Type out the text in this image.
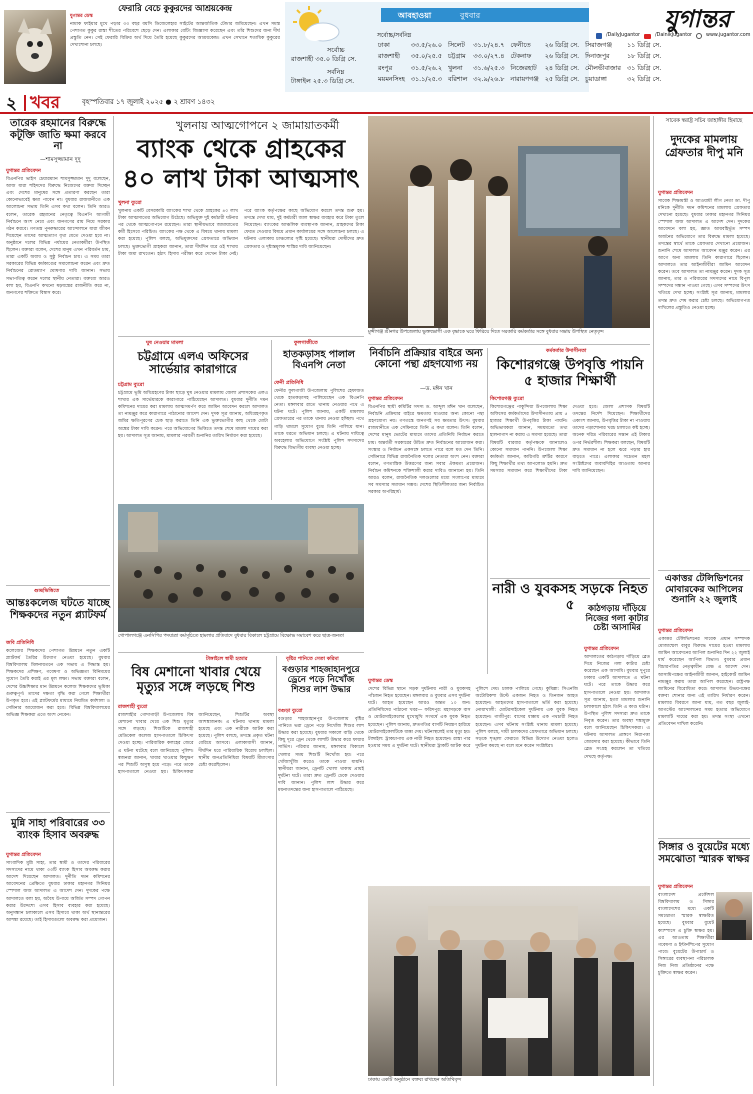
ফেরারি বেচে কুকুরদের আশ্রয়কেন্দ্র
যুগান্তর ডেস্ক
নামাক ফাইয়ার মুখে পড়ার ৩৩ বছর বয়সি ডিজেলেহার সাইটের আন্তর্জাতিক টেন্ডার জমিয়েছেন। এখন সমস্ত পেশাগত কুকুর রাস্তা শীতের পরিবেশে ছেড়ে দেন। এলাকার বেটিং জিজ্ঞাসা করেছেন এবং তাঁর শিশুদের জন্য দীর্ঘ প্রস্তুতি নেন। সেই ফেরারি বিক্রির অর্থ দিয়ে তৈরি হয়েছে কুকুরদের আশ্রয়কেন্দ্র। এখন সেখানে শতাধিক কুকুরের দেখাশোনা চলছে।
আবহাওয়া	বুধবার
সর্বোচ্চ
রাজশাহী ৩৫.০ ডিগ্রি সে.
সর্বনিম্ন
টাঙ্গাইল ২৫.৩ ডিগ্রি সে.
সর্বোচ্চ/সর্বনিম্ন
ঢাকা	৩৩.৫/২৬.০	সিলেট	৩১.৮/২৪.৭	ফেনীতে	২৬ ডিগ্রি সে.	সিরাজগঞ্জ	১১ ডিগ্রি সে.
রাজশাহী	৩৫.০/২৫.৫	চট্টগ্রাম	৩৩.০/২৭.৪	টেকনাফ	২৬ ডিগ্রি সে.	দিনাজপুর	১৮ ডিগ্রি সে.
রংপুর	৩১.৫/২৬.২	খুলনা	৩১.৬/২৫.৩	নিজেরহাট	২৪ ডিগ্রি সে.	মৌলভীবাজার	৩১ ডিগ্রি সে.
ময়মনসিংহ	৩১.১/২৫.৩	বরিশাল	৩২.৯/২৬.৮	নারায়ণগঞ্জ	২৫ ডিগ্রি সে.	চুয়াডাঙ্গা	৩২ ডিগ্রি সে.
যুগান্তর
/DailyJugantor	/DainikJugantor	www.jugantor.com
২ খবর	বৃহস্পতিবার ১৭ জুলাই ২০২৫ ● ২ শ্রাবণ ১৪৩২
তারেক রহমানের বিরুদ্ধে কটূক্তি জাতি ক্ষমা করবে না
—শামসুজ্জামান দুদু
যুগান্তর প্রতিবেদন
বিএনপির ভাইস চেয়ারম্যান শামসুজ্জামান দুদু বলেছেন, আজ যারা শহিদদের বিরুদ্ধে নিজেদের বক্তব্য দিচ্ছেন এবং দেশের মানুষের সঙ্গে প্রতারণা করছেন তারা কোনোভাবেই ক্ষমা পাবেন না। বুধবার রাজধানীতে এক আলোচনা সভায় তিনি এসব কথা বলেন। তিনি আরও বলেন, তারেক রহমানের নেতৃত্বে বিএনপি আগামী নির্বাচনে অংশ নেবে এবং জনগণের রায় নিয়ে সরকার গঠন করবে। গণতন্ত্র পুনরুদ্ধারের আন্দোলনে যারা জীবন দিয়েছেন তাদের আত্মত্যাগ বৃথা যেতে দেওয়া হবে না। অনুষ্ঠানে দলের বিভিন্ন পর্যায়ের নেতাকর্মীরা উপস্থিত ছিলেন। বক্তারা বলেন, দেশের মানুষ এখন পরিবর্তন চায়, তারা একটি অবাধ ও সুষ্ঠু নির্বাচন চায়। এ সময় তারা সরকারের বিভিন্ন কর্মকাণ্ডের সমালোচনা করেন এবং দ্রুত নির্বাচনের রোডম্যাপ ঘোষণার দাবি জানান। সভায় সভাপতিত্ব করেন দলের স্থানীয় নেতারা। বক্তব্যে আরও বলা হয়, বিএনপি কখনো ষড়যন্ত্রের রাজনীতি করে না, জনগণের শক্তিতে বিশ্বাস করে।
গুচ্ছভিত্তিতে
আন্তঃকলেজ ঘটতে যাচ্ছে শিক্ষকদের নতুন প্ল্যাটফর্ম
জবি প্রতিনিধি
কলেজের শিক্ষকদের পেশাগত উন্নয়নে নতুন একটি প্ল্যাটফর্ম তৈরির উদ্যোগ নেওয়া হয়েছে। বুধবার বিশ্ববিদ্যালয় মিলনায়তনে এক সভায় এ সিদ্ধান্ত হয়। শিক্ষকদের প্রশিক্ষণ, গবেষণা ও অভিজ্ঞতা বিনিময়ের সুযোগ তৈরি করাই এর মূল লক্ষ্য। সভায় বক্তারা বলেন, দেশের উচ্চশিক্ষার মান উন্নয়নে কলেজ শিক্ষকদের ভূমিকা গুরুত্বপূর্ণ। তাদের দক্ষতা বৃদ্ধি করা গেলে শিক্ষার্থীরা উপকৃত হবে। এই প্ল্যাটফর্মের মাধ্যমে নিয়মিত কর্মশালা ও সেমিনার আয়োজন করা হবে। বিভিন্ন বিশ্ববিদ্যালয়ের অভিজ্ঞ শিক্ষকরা এতে অংশ নেবেন।
মুন্নি সাহা পরিবারের ৩৩ ব্যাংক হিসাব অবরুদ্ধ
যুগান্তর প্রতিবেদন
সাংবাদিক মুন্নি সাহা, তার স্বামী ও তাদের পরিবারের সদস্যদের নামে থাকা ৩৩টি ব্যাংক হিসাব অবরুদ্ধ করার আদেশ দিয়েছেন আদালত। দুর্নীতি দমন কমিশনের আবেদনের প্রেক্ষিতে বুধবার ঢাকার মহানগর সিনিয়র স্পেশাল জজ আদালত এ আদেশ দেন। দুদকের পক্ষে আদালতে বলা হয়, অবৈধ উপায়ে অর্জিত সম্পদ গোপন করার উদ্দেশ্যে এসব হিসাব ব্যবহার করা হয়েছে। অনুসন্ধান চলাকালে এসব হিসাবে থাকা অর্থ স্থানান্তরের আশঙ্কা রয়েছে। তাই হিসাবগুলো অবরুদ্ধ করা প্রয়োজন।
খুলনায় আত্মগোপনে ২ জামায়াতকর্মী
ব্যাংক থেকে গ্রাহকের ৪০ লাখ টাকা আত্মসাৎ
খুলনা ব্যুরো
খুলনায় একটি বেসরকারি ব্যাংকের শাখা থেকে গ্রাহকের ৪০ লাখ টাকা আত্মসাতের অভিযোগ উঠেছে। অভিযুক্ত দুই কর্মচারী ঘটনার পর থেকে আত্মগোপনে রয়েছেন। তারা স্থানীয়ভাবে জামায়াতের কর্মী হিসেবে পরিচিত। ব্যাংকের পক্ষ থেকে এ বিষয়ে থানায় মামলা করা হয়েছে। পুলিশ বলছে, অভিযুক্তদের গ্রেফতারে অভিযান চলছে। ভুক্তভোগী গ্রাহকরা জানান, তারা দীর্ঘদিন ধরে ওই শাখায় টাকা জমা রাখতেন। হঠাৎ হিসাব পরীক্ষা করে দেখেন টাকা নেই। পরে ব্যাংক কর্তৃপক্ষের কাছে অভিযোগ করলে তদন্ত শুরু হয়। তদন্তে দেখা যায়, দুই কর্মচারী জাল স্বাক্ষর ব্যবহার করে টাকা তুলে নিয়েছেন। ব্যাংকের আঞ্চলিক ব্যবস্থাপক জানান, গ্রাহকদের টাকা ফেরত দেওয়ার বিষয়ে প্রধান কার্যালয়ের সঙ্গে আলোচনা চলছে। এ ঘটনায় এলাকায় চাঞ্চল্যের সৃষ্টি হয়েছে। স্থানীয়রা দোষীদের দ্রুত গ্রেফতার ও দৃষ্টান্তমূলক শাস্তির দাবি জানিয়েছেন।
ঘুষ নেওয়ার মামলা
চট্টগ্রামে এলএ অফিসের সার্ভেয়ার কারাগারে
চট্টগ্রাম ব্যুরো
চট্টগ্রামে ভূমি অধিগ্রহণের টাকা ছাড়ে ঘুষ নেওয়ার মামলায় জেলা প্রশাসকের এলএ শাখার এক সার্ভেয়ারকে কারাগারে পাঠিয়েছেন আদালত। বুধবার দুর্নীতি দমন কমিশনের দায়ের করা মামলায় আত্মসমর্পণ করে জামিন আবেদন করলে আদালত তা নামঞ্জুর করে কারাগারে পাঠানোর আদেশ দেন। দুদক সূত্র জানায়, অধিগ্রহণকৃত জমির ক্ষতিপূরণের চেক ছাড় করাতে তিনি এক ভুক্তভোগীর কাছ থেকে মোটা অঙ্কের টাকা দাবি করেন। পরে অভিযোগের ভিত্তিতে তদন্ত শেষে মামলা দায়ের করা হয়। আদালত সূত্র জানায়, মামলার পরবর্তী শুনানির তারিখ নির্ধারণ করা হয়েছে।
ফুলগাজীতে
হাতকড়াসহ পালাল বিএনপি নেতা
ফেনী প্রতিনিধি
ফেনীর ফুলগাজী উপজেলায় পুলিশের হেফাজত থেকে হাতকড়াসহ পালিয়েছেন এক বিএনপি নেতা। মঙ্গলবার রাতে থানায় নেওয়ার পথে এ ঘটনা ঘটে। পুলিশ জানায়, একটি মামলায় গ্রেফতারের পর তাকে থানায় নেওয়া হচ্ছিল। পথে গাড়ি থামলে সুযোগ বুঝে তিনি পালিয়ে যান। তাকে ধরতে অভিযান চলছে। এ ঘটনায় দায়িত্বে অবহেলার অভিযোগে সংশ্লিষ্ট পুলিশ সদস্যদের বিরুদ্ধে বিভাগীয় ব্যবস্থা নেওয়া হচ্ছে।
গোপালগঞ্জে এনসিপির পদযাত্রা কর্মসূচিতে হামলার প্রতিবাদে বুধবার বিকালে চট্টগ্রামে বিক্ষোভ সমাবেশ করে ছাত্র-জনতা
টাঙ্গাইলে স্বামী হত্যার
বিষ মেশানো খাবার খেয়ে মৃত্যুর সঙ্গে লড়ছে শিশু
রাজশাহী ব্যুরো
রাজশাহীর গোদাগাড়ী উপজেলায় বিষ মেশানো খাবার খেয়ে এক শিশু মৃত্যুর সঙ্গে লড়ছে। শিশুটিকে রাজশাহী মেডিকেল কলেজ হাসপাতালে চিকিৎসা দেওয়া হচ্ছে। পারিবারিক কলহের জেরে এ ঘটনা ঘটেছে বলে জানিয়েছে পুলিশ। স্বজনরা জানান, খাবার খাওয়ার কিছুক্ষণ পর শিশুটি অসুস্থ হয়ে পড়ে। পরে তাকে হাসপাতালে নেওয়া হয়। চিকিৎসকরা জানিয়েছেন, শিশুটির অবস্থা আশঙ্কাজনক। এ ঘটনায় থানায় মামলা হয়েছে এবং এক নারীকে আটক করা হয়েছে। পুলিশ বলছে, তদন্তে প্রকৃত ঘটনা বেরিয়ে আসবে। এলাকাবাসী জানান, দীর্ঘদিন ধরে পারিবারিক বিরোধ চলছিল। স্থানীয় জনপ্রতিনিধিরা বিষয়টি মীমাংসার চেষ্টা করেছিলেন।
বৃষ্টির পানিতে সেতা করিমা
বগুড়ার শাহজাহানপুরে ড্রেনে পড়ে নিখোঁজ শিশুর লাশ উদ্ধার
বগুড়া ব্যুরো
বগুড়ার শাহজাহানপুর উপজেলায় বৃষ্টির পানিতে ভরা ড্রেনে পড়ে নিখোঁজ শিশুর লাশ উদ্ধার করা হয়েছে। বুধবার সকালে বাড়ি থেকে কিছু দূরে ড্রেন থেকে লাশটি উদ্ধার করে ফায়ার সার্ভিস। পরিবার জানায়, মঙ্গলবার বিকালে খেলার সময় শিশুটি নিখোঁজ হয়। পরে খোঁজাখুঁজি করেও তাকে পাওয়া যায়নি। স্থানীয়রা জানান, ড্রেনটি খোলা থাকায় প্রায়ই দুর্ঘটনা ঘটে। তারা দ্রুত ড্রেনটি ঢেকে দেওয়ার দাবি জানান। পুলিশ লাশ উদ্ধার করে ময়নাতদন্তের জন্য হাসপাতালে পাঠিয়েছে।
মুন্সীগঞ্জ শ্রীনগর উপজেলায় ভুক্তভোগী এক বৃদ্ধাকে ঘরে ফিরিয়ে দিতে সরকারি কর্মকর্তার সঙ্গে বুধবার সভায় উপস্থিত নেতৃবৃন্দ
নির্বাচনি প্রক্রিয়ার বাইরে অন্য কোনো পন্থা গ্রহণযোগ্য নয়
—ড. মঈন খান
যুগান্তর প্রতিবেদন
বিএনপির স্থায়ী কমিটির সদস্য ড. আব্দুল মঈন খান বলেছেন, নির্বাচনি প্রক্রিয়ার বাইরে ক্ষমতায় যাওয়ার অন্য কোনো পন্থা গ্রহণযোগ্য নয়। গণতন্ত্রে জনগণই সব ক্ষমতার উৎস। বুধবার রাজধানীতে এক সেমিনারে তিনি এ কথা বলেন। তিনি বলেন, দেশের মানুষ ভোটের মাধ্যমে তাদের প্রতিনিধি নির্বাচন করতে চায়। অন্তর্বর্তী সরকারের উচিত দ্রুত নির্বাচনের আয়োজন করা। সংস্কার ও নির্বাচন একসঙ্গে চলতে পারে বলে মত দেন তিনি। সেমিনারে বিভিন্ন রাজনৈতিক দলের নেতারা অংশ নেন। বক্তারা বলেন, গণতান্ত্রিক উত্তরণের জন্য সবার ঐকমত্য প্রয়োজন। নির্বাচন কমিশনকে শক্তিশালী করার দাবিও জানানো হয়। তিনি আরও বলেন, রাজনৈতিক দলগুলোর মধ্যে সংলাপের মাধ্যমে সব সমস্যার সমাধান সম্ভব। দেশের স্থিতিশীলতার জন্য নির্বাচিত সরকার অপরিহার্য।
কর্মকর্তার উদাসীনতা
কিশোরগঞ্জে উপবৃত্তি পায়নি ৫ হাজার শিক্ষার্থী
কিশোরগঞ্জ ব্যুরো
কিশোরগঞ্জের পাকুন্দিয়া উপজেলায় শিক্ষা অফিসের কর্মকর্তাদের উদাসীনতায় প্রায় ৫ হাজার শিক্ষার্থী উপবৃত্তির টাকা পায়নি। অভিভাবকরা জানান, সময়মতো তথ্য হালনাগাদ না করায় এ সমস্যা হয়েছে। তারা বিষয়টি বারবার কর্তৃপক্ষকে জানালেও কোনো সমাধান পাননি। উপজেলা শিক্ষা কর্মকর্তা জানান, কারিগরি ত্রুটির কারণে কিছু শিক্ষার্থীর তথ্য আপলোড হয়নি। দ্রুত সমস্যার সমাধান করে শিক্ষার্থীদের টাকা দেওয়া হবে। জেলা প্রশাসক বিষয়টি তদন্তের নির্দেশ দিয়েছেন। শিক্ষার্থীদের একাংশ জানায়, উপবৃত্তির টাকা না পাওয়ায় তাদের পড়াশোনার খরচ চালাতে কষ্ট হচ্ছে। অনেক দরিদ্র পরিবারের সন্তান এই টাকার ওপর নির্ভরশীল। শিক্ষকরা বলছেন, বিষয়টি দ্রুত সমাধান না হলে ঝরে পড়ার হার বাড়তে পারে। এলাকার সচেতন মহল সংশ্লিষ্টদের জবাবদিহির আওতায় আনার দাবি জানিয়েছেন।
নারী ও যুবকসহ সড়কে নিহত ৫
যুগান্তর ডেস্ক
দেশের বিভিন্ন স্থানে সড়ক দুর্ঘটনায় নারী ও যুবকসহ পাঁচজন নিহত হয়েছেন। মঙ্গলবার ও বুধবার এসব দুর্ঘটনা ঘটে। আহত হয়েছেন আরও অন্তত ১০ জন। প্রতিনিধিদের পাঠানো খবর— ফরিদপুর: মহাসড়কে বাস ও মোটরসাইকেলের মুখোমুখি সংঘর্ষে এক যুবক নিহত হয়েছেন। পুলিশ জানায়, দ্রুতগতির বাসটি নিয়ন্ত্রণ হারিয়ে মোটরসাইকেলটিকে ধাক্কা দেয়। ঘটনাস্থলেই তার মৃত্যু হয়। টাঙ্গাইল: ট্রাকচাপায় এক নারী নিহত হয়েছেন। রাস্তা পার হওয়ার সময় এ দুর্ঘটনা ঘটে। স্থানীয়রা ট্রাকটি আটক করে পুলিশে দেয়। চালক পালিয়ে গেছে। কুমিল্লা: সিএনজি অটোরিকশা উল্টে একজন নিহত ও তিনজন আহত হয়েছেন। আহতদের হাসপাতালে ভর্তি করা হয়েছে। নোয়াখালী: মোটরসাইকেল দুর্ঘটনায় এক যুবক নিহত হয়েছেন। গাজীপুর: বাসের ধাক্কায় এক পথচারী নিহত হয়েছেন। এসব ঘটনায় সংশ্লিষ্ট থানায় মামলা হয়েছে। পুলিশ বলছে, দায়ী চালকদের গ্রেফতারে অভিযান চলছে। সড়কে শৃঙ্খলা ফেরাতে বিভিন্ন উদ্যোগ নেওয়া হলেও দুর্ঘটনা কমছে না বলে মনে করেন সংশ্লিষ্টরা।
কাঠগড়ায় দাঁড়িয়ে নিজের গলা কাটার চেষ্টা আসামির
যুগান্তর প্রতিবেদন
আদালতের কাঠগড়ায় দাঁড়িয়ে ব্লেড দিয়ে নিজের গলা কাটার চেষ্টা করেছেন এক আসামি। বুধবার দুপুরে ঢাকার একটি আদালতে এ ঘটনা ঘটে। পরে তাকে উদ্ধার করে হাসপাতালে নেওয়া হয়। আদালত সূত্র জানায়, হত্যা মামলার শুনানি চলাকালে হঠাৎ তিনি এ কাণ্ড ঘটান। উপস্থিত পুলিশ সদস্যরা দ্রুত তাকে নিবৃত্ত করেন। তার অবস্থা শঙ্কামুক্ত বলে জানিয়েছেন চিকিৎসকরা। এ ঘটনায় আদালত প্রাঙ্গণে নিরাপত্তা জোরদার করা হয়েছে। কীভাবে তিনি ব্লেড সংগ্রহ করলেন তা খতিয়ে দেখছে কর্তৃপক্ষ।
ঢাকায় একটি অনুষ্ঠানে বক্তব্য রাখছেন অতিথিবৃন্দ
সাবেক স্বরাষ্ট্র সচিব জাহাঙ্গীর হিমাছে
দুদকের মামলায় গ্রেফতার দীপু মনি
যুগান্তর প্রতিবেদন
সাবেক শিক্ষামন্ত্রী ও আওয়ামী লীগ নেতা ডা. দীপু মনিকে দুর্নীতি দমন কমিশনের মামলায় গ্রেফতার দেখানো হয়েছে। বুধবার ঢাকার মহানগর সিনিয়র স্পেশাল জজ আদালত এ আদেশ দেন। দুদকের আবেদনে বলা হয়, জ্ঞাত আয়বহির্ভূত সম্পদ অর্জনের অভিযোগে তার বিরুদ্ধে মামলা হয়েছে। তদন্তের স্বার্থে তাকে গ্রেফতার দেখানো প্রয়োজন। শুনানি শেষে আদালত আবেদন মঞ্জুর করেন। এর আগে অন্য মামলায় তিনি কারাগারে ছিলেন। আদালতে তার আইনজীবীরা জামিন আবেদন করেন। তবে আদালত তা নামঞ্জুর করেন। দুদক সূত্র জানায়, তার ও পরিবারের সদস্যদের নামে বিপুল সম্পদের সন্ধান পাওয়া গেছে। এসব সম্পদের উৎস খতিয়ে দেখা হচ্ছে। সংশ্লিষ্ট সূত্র জানায়, মামলার তদন্ত দ্রুত শেষ করার চেষ্টা চলছে। অভিযোগপত্র দাখিলের প্রস্তুতিও নেওয়া হচ্ছে।
একাত্তর টেলিভিশনের মোবারকের আপিলের শুনানি ২২ জুলাই
যুগান্তর প্রতিবেদন
একাত্তর টেলিভিশনের সাবেক প্রধান সম্পাদক মোজাম্মেল বাবুর বিরুদ্ধে দায়ের হওয়া মামলায় জামিন আবেদনের আপিল শুনানির দিন ২২ জুলাই ধার্য করেছেন আপিল বিভাগ। বুধবার প্রধান বিচারপতির নেতৃত্বাধীন বেঞ্চ এ আদেশ দেন। আসামিপক্ষের আইনজীবী জানান, হাইকোর্ট জামিন নামঞ্জুর করায় তারা আপিল করেছেন। রাষ্ট্রপক্ষ জামিনের বিরোধিতা করে। আদালত উভয়পক্ষের বক্তব্য শোনার জন্য এই তারিখ নির্ধারণ করেন। মামলার বিবরণে জানা যায়, গত বছর জুলাই-আগস্টের আন্দোলনের সময় হত্যার অভিযোগে মামলাটি দায়ের করা হয়। তদন্ত সংস্থা এখনো প্রতিবেদন দাখিল করেনি।
সিঙ্গার ও বুয়েটের মধ্যে সমঝোতা স্মারক স্বাক্ষর
যুগান্তর প্রতিবেদন
বাংলাদেশ প্রকৌশল বিশ্ববিদ্যালয় ও সিঙ্গার বাংলাদেশের মধ্যে একটি সমঝোতা স্মারক স্বাক্ষরিত হয়েছে। বুধবার বুয়েট ক্যাম্পাসে এ চুক্তি স্বাক্ষর হয়। এর আওতায় শিক্ষার্থীরা গবেষণা ও ইন্টার্নশিপের সুযোগ পাবে। বুয়েটের উপাচার্য ও সিঙ্গারের ব্যবস্থাপনা পরিচালক নিজ নিজ প্রতিষ্ঠানের পক্ষে চুক্তিতে স্বাক্ষর করেন।
